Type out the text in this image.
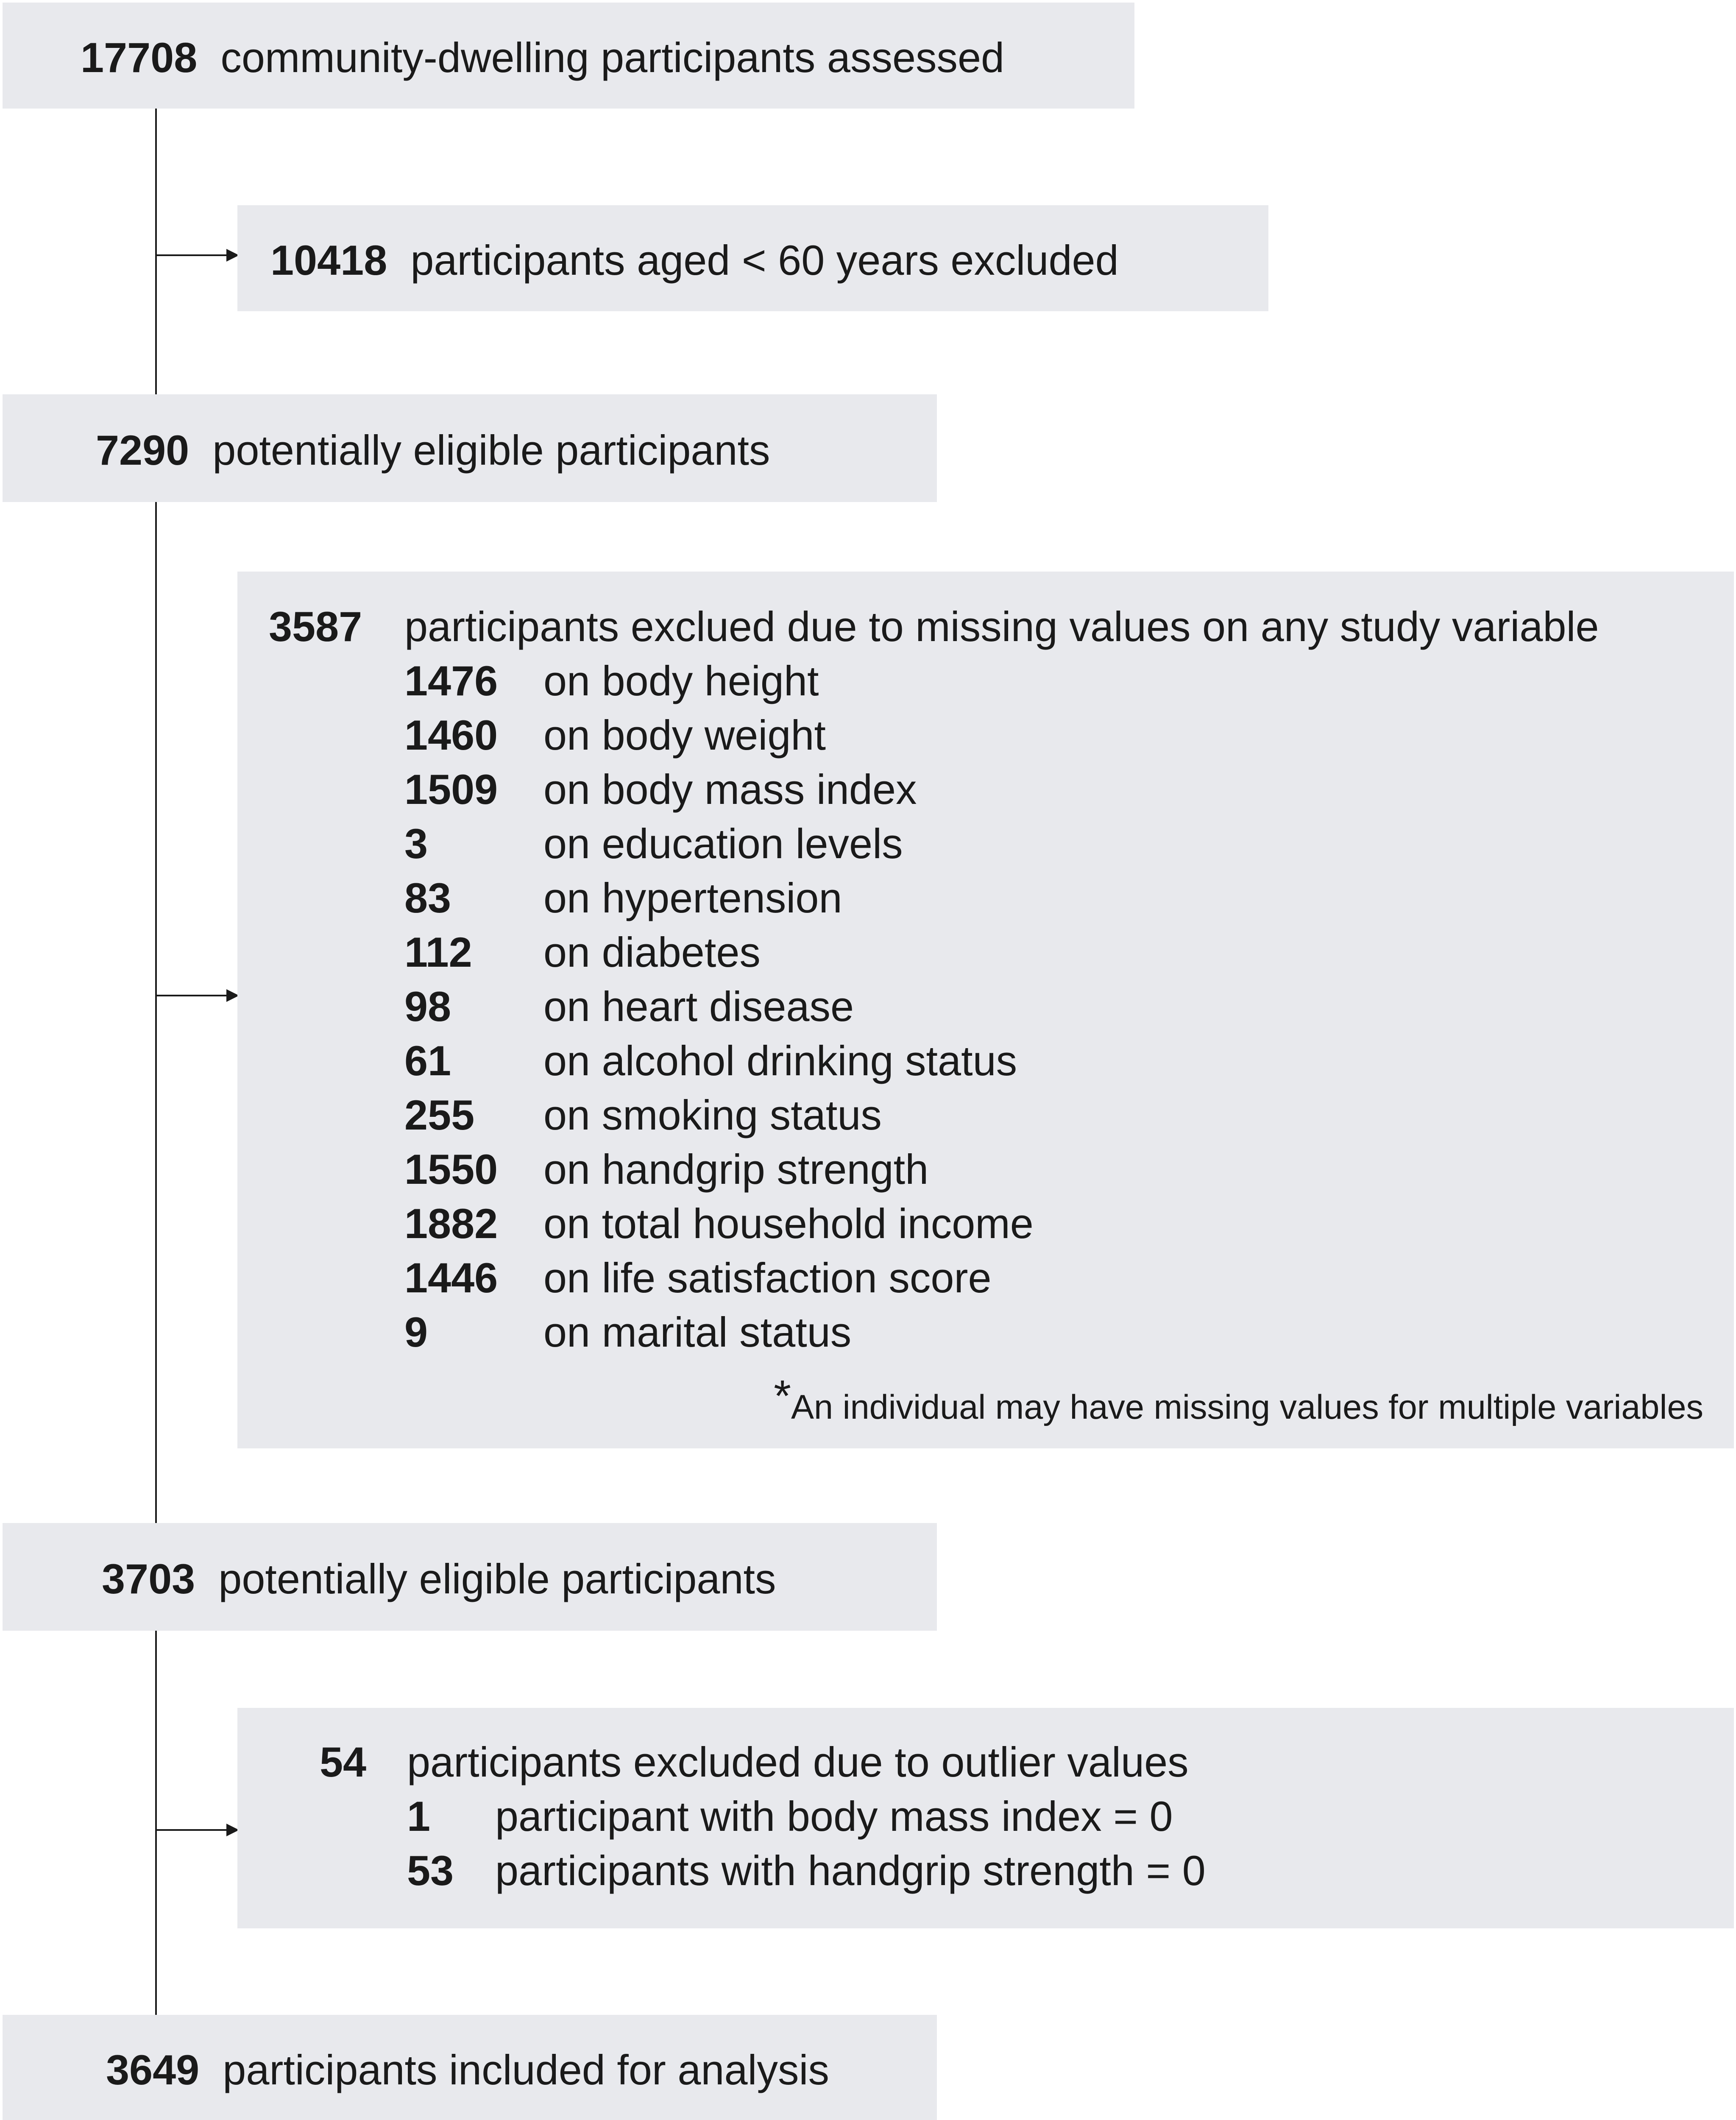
17708 community-dwelling participants assessed
10418 participants aged < 60 years excluded
7290 potentially eligible participants
3587 participants exclued due to missing values on any study variable
1476 on body height
1460 on body weight
1509 on body mass index
3	on education levels
83 on hypertension
112 on diabetes
98 on heart disease
61 on alcohol drinking status
255 on smoking status
1550 on handgrip strength
1882 on total household income
1446 on life satisfaction score
9	on marital status
*An individual may have missing values for multiple variables
3703 potentially eligible participants
54 participants excluded due to outlier values
1 participant with body mass index = 0
53 participants with handgrip strength = 0
3649 participants included for analysis
